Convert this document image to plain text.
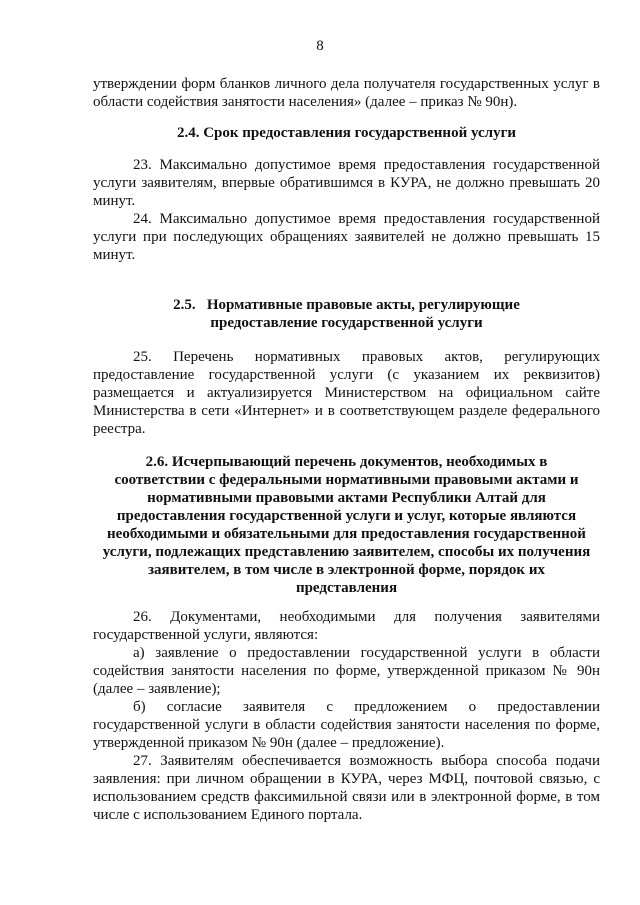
8

утверждении форм бланков личного дела получателя государственных услуг в области содействия занятости населения» (далее – приказ № 90н).

2.4. Срок предоставления государственной услуги

23. Максимально допустимое время предоставления государственной услуги заявителям, впервые обратившимся в КУРА, не должно превышать 20 минут.

24. Максимально допустимое время предоставления государственной услуги при последующих обращениях заявителей не должно превышать 15 минут.

2.5.   Нормативные правовые акты, регулирующие
предоставление государственной услуги

25. Перечень нормативных правовых актов, регулирующих предоставление государственной услуги (с указанием их реквизитов) размещается и актуализируется Министерством на официальном сайте Министерства в сети «Интернет» и в соответствующем разделе федерального реестра.

2.6. Исчерпывающий перечень документов, необходимых в
соответствии с федеральными нормативными правовыми актами и
нормативными правовыми актами Республики Алтай для
предоставления государственной услуги и услуг, которые являются
необходимыми и обязательными для предоставления государственной
услуги, подлежащих представлению заявителем, способы их получения
заявителем, в том числе в электронной форме, порядок их
представления

26. Документами, необходимыми для получения заявителями государственной услуги, являются:

а) заявление о предоставлении государственной услуги в области содействия занятости населения по форме, утвержденной приказом № 90н (далее – заявление);

б) согласие заявителя с предложением о предоставлении государственной услуги в области содействия занятости населения по форме, утвержденной приказом № 90н (далее – предложение).

27. Заявителям обеспечивается возможность выбора способа подачи заявления: при личном обращении в КУРА, через МФЦ, почтовой связью, с использованием средств факсимильной связи или в электронной форме, в том числе с использованием Единого портала.
